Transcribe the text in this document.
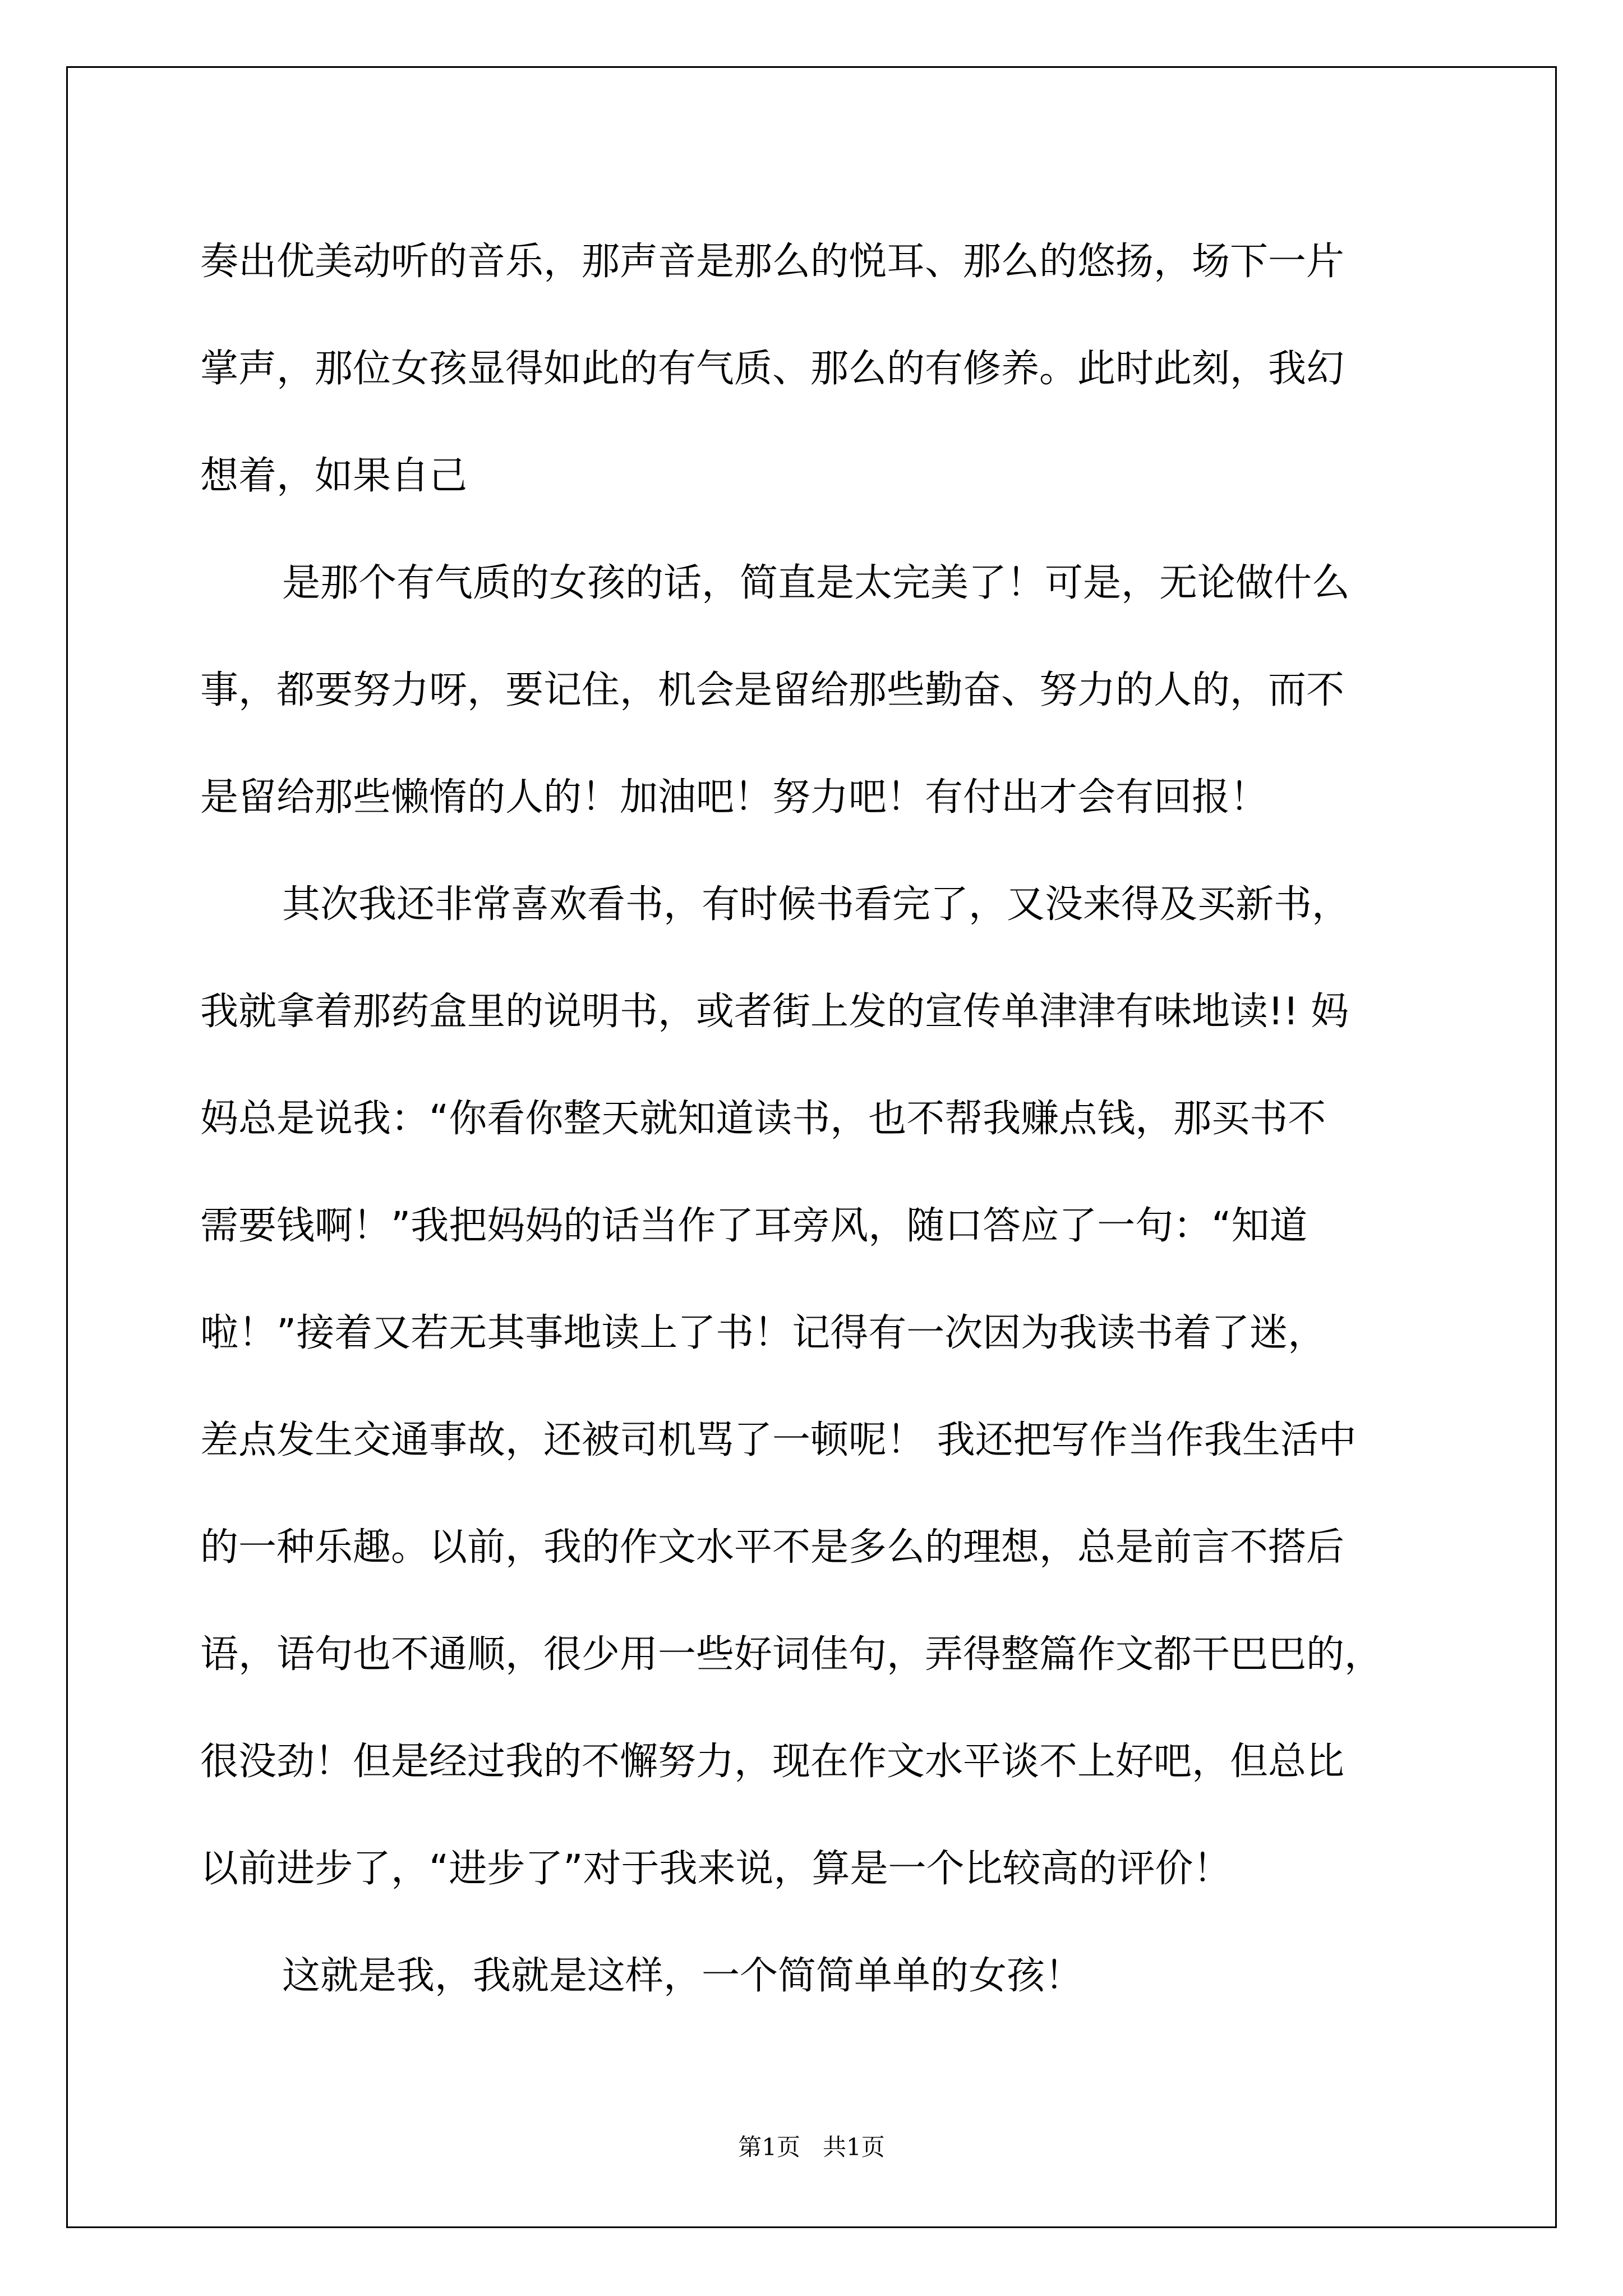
奏出优美动听的音乐，那声音是那么的悦耳、那么的悠扬，场下一片
掌声，那位女孩显得如此的有气质、那么的有修养。此时此刻，我幻
想着，如果自己
是那个有气质的女孩的话，简直是太完美了！可是，无论做什么
事，都要努力呀，要记住，机会是留给那些勤奋、努力的人的，而不
是留给那些懒惰的人的！加油吧！努力吧！有付出才会有回报！
其次我还非常喜欢看书，有时候书看完了，又没来得及买新书，
我就拿着那药盒里的说明书，或者街上发的宣传单津津有味地读!! 妈
妈总是说我：“你看你整天就知道读书，也不帮我赚点钱，那买书不
需要钱啊！”我把妈妈的话当作了耳旁风，随口答应了一句：“知道
啦！”接着又若无其事地读上了书！记得有一次因为我读书着了迷，
差点发生交通事故，还被司机骂了一顿呢！ 我还把写作当作我生活中
的一种乐趣。以前，我的作文水平不是多么的理想，总是前言不搭后
语，语句也不通顺，很少用一些好词佳句，弄得整篇作文都干巴巴的，
很没劲！但是经过我的不懈努力，现在作文水平谈不上好吧，但总比
以前进步了，“进步了”对于我来说，算是一个比较高的评价！
这就是我，我就是这样，一个简简单单的女孩！
第1页   共1页
